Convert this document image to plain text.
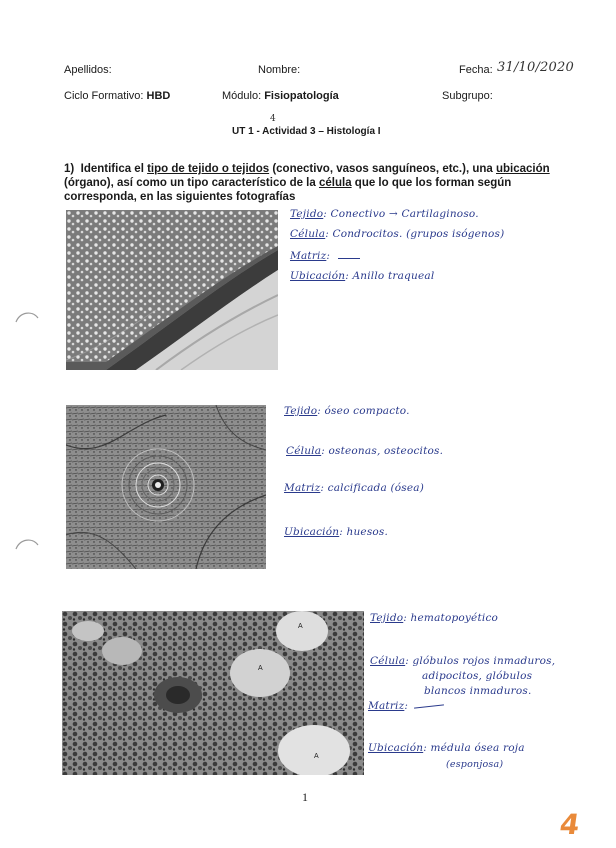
Apellidos:	Nombre:	Fecha: 31/10/2020
Ciclo Formativo: HBD	Módulo: Fisiopatología	Subgrupo:
4
UT 1 - Actividad 3 – Histología I
1) Identifica el tipo de tejido o tejidos (conectivo, vasos sanguíneos, etc.), una ubicación (órgano), así como un tipo característico de la célula que lo que los forman según corresponda, en las siguientes fotografías
Tejido: Conectivo → Cartilaginoso.
Célula: Condrocitos. (grupos isógenos)
Matriz:
Ubicación: Anillo traqueal
Tejido: óseo compacto.
Célula: osteonas, osteocitos.
Matriz: calcificada (ósea)
Ubicación: huesos.
A
A
A
Tejido: hematopoyético
Célula: glóbulos rojos inmaduros,
adipocitos, glóbulos
blancos inmaduros.
Matriz:
Ubicación: médula ósea roja
(esponjosa)
1
4
